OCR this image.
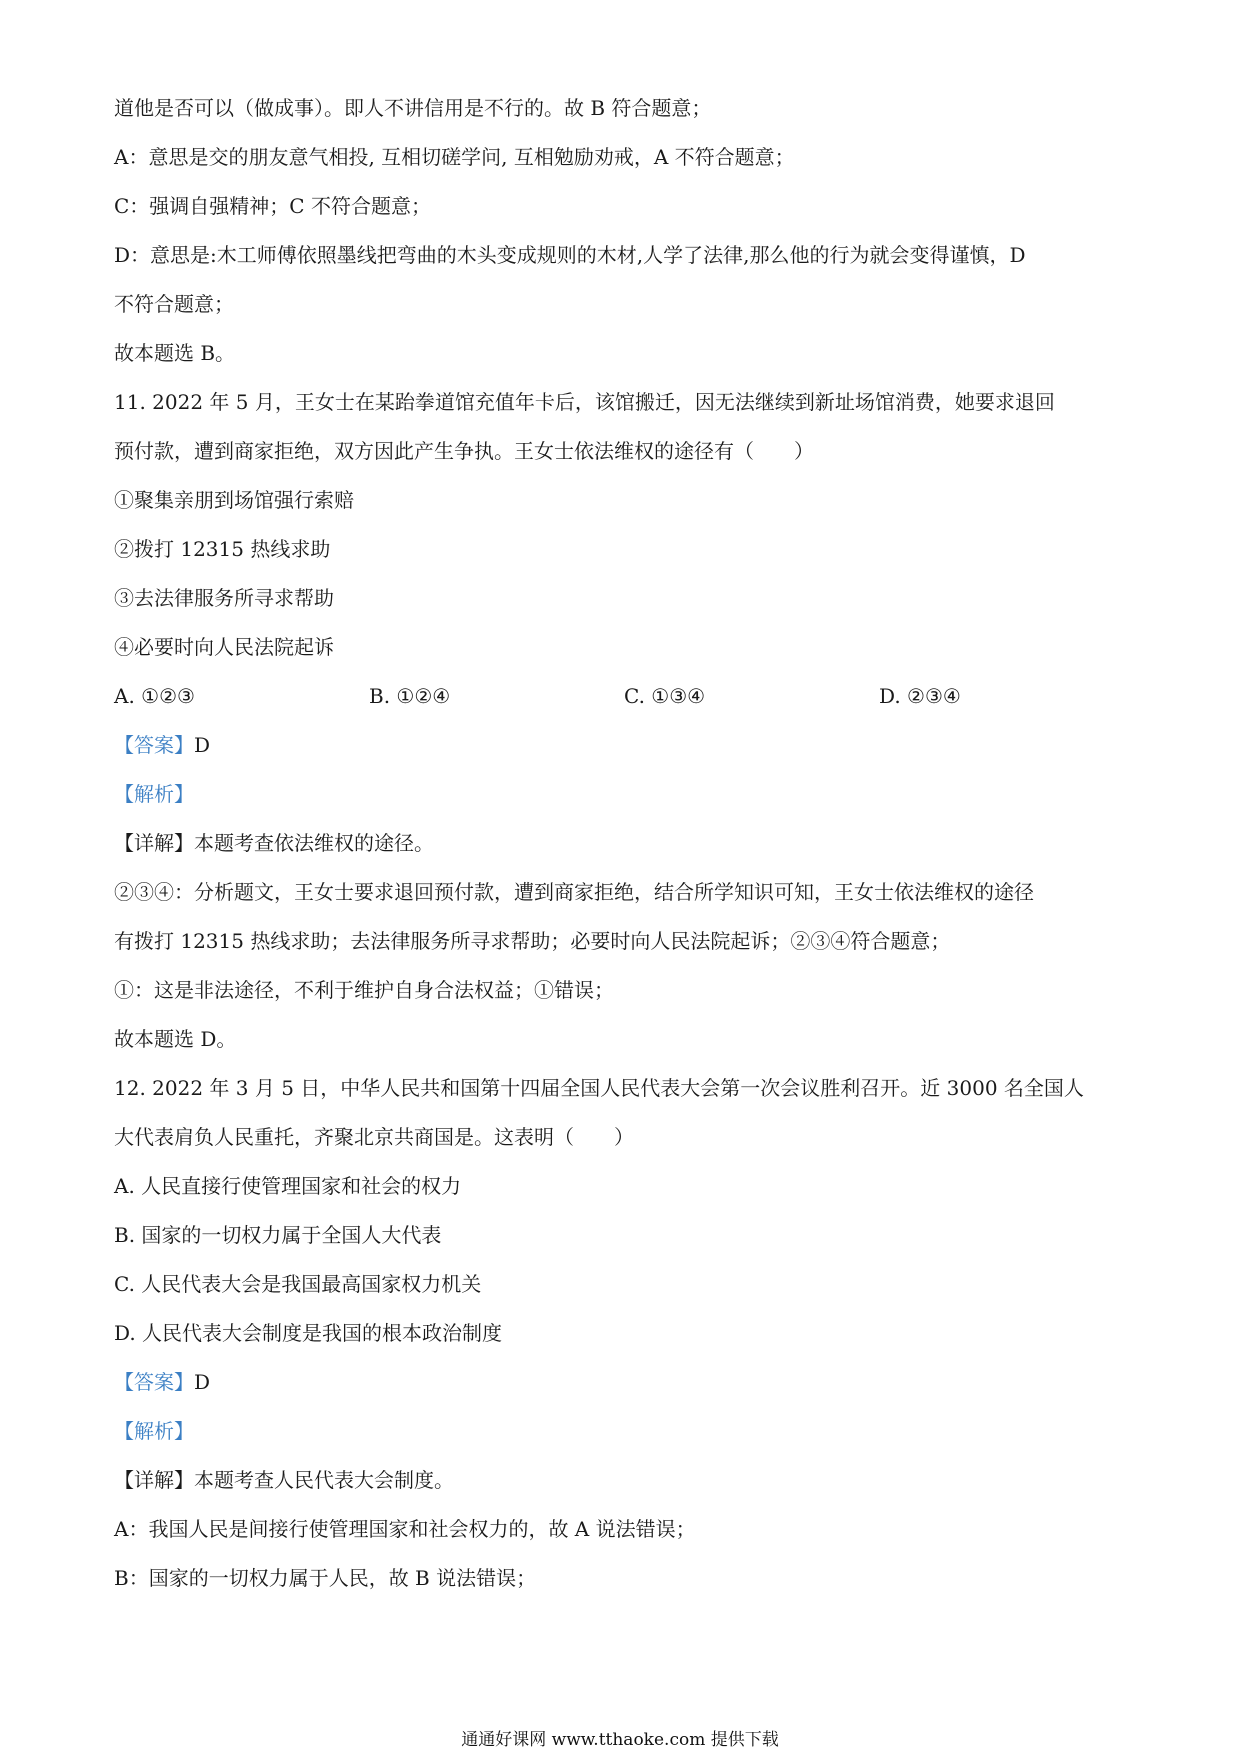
道他是否可以（做成事）。即人不讲信用是不行的。故 B 符合题意；
A：意思是交的朋友意气相投, 互相切磋学问, 互相勉励劝戒，A 不符合题意；
C：强调自强精神；C 不符合题意；
D：意思是:木工师傅依照墨线把弯曲的木头变成规则的木材,人学了法律,那么他的行为就会变得谨慎，D
不符合题意；
故本题选 B。
11. 2022 年 5 月，王女士在某跆拳道馆充值年卡后，该馆搬迁，因无法继续到新址场馆消费，她要求退回
预付款，遭到商家拒绝，双方因此产生争执。王女士依法维权的途径有（　　）
①聚集亲朋到场馆强行索赔
②拨打 12315 热线求助
③去法律服务所寻求帮助
④必要时向人民法院起诉
A. ①②③	B. ①②④	C. ①③④	D. ②③④
【答案】D
【解析】
【详解】本题考查依法维权的途径。
②③④：分析题文，王女士要求退回预付款，遭到商家拒绝，结合所学知识可知，王女士依法维权的途径
有拨打 12315 热线求助；去法律服务所寻求帮助；必要时向人民法院起诉；②③④符合题意；
①：这是非法途径，不利于维护自身合法权益；①错误；
故本题选 D。
12. 2022 年 3 月 5 日，中华人民共和国第十四届全国人民代表大会第一次会议胜利召开。近 3000 名全国人
大代表肩负人民重托，齐聚北京共商国是。这表明（　　）
A. 人民直接行使管理国家和社会的权力
B. 国家的一切权力属于全国人大代表
C. 人民代表大会是我国最高国家权力机关
D. 人民代表大会制度是我国的根本政治制度
【答案】D
【解析】
【详解】本题考查人民代表大会制度。
A：我国人民是间接行使管理国家和社会权力的，故 A 说法错误；
B：国家的一切权力属于人民，故 B 说法错误；
通通好课网 www.tthaoke.com 提供下载
